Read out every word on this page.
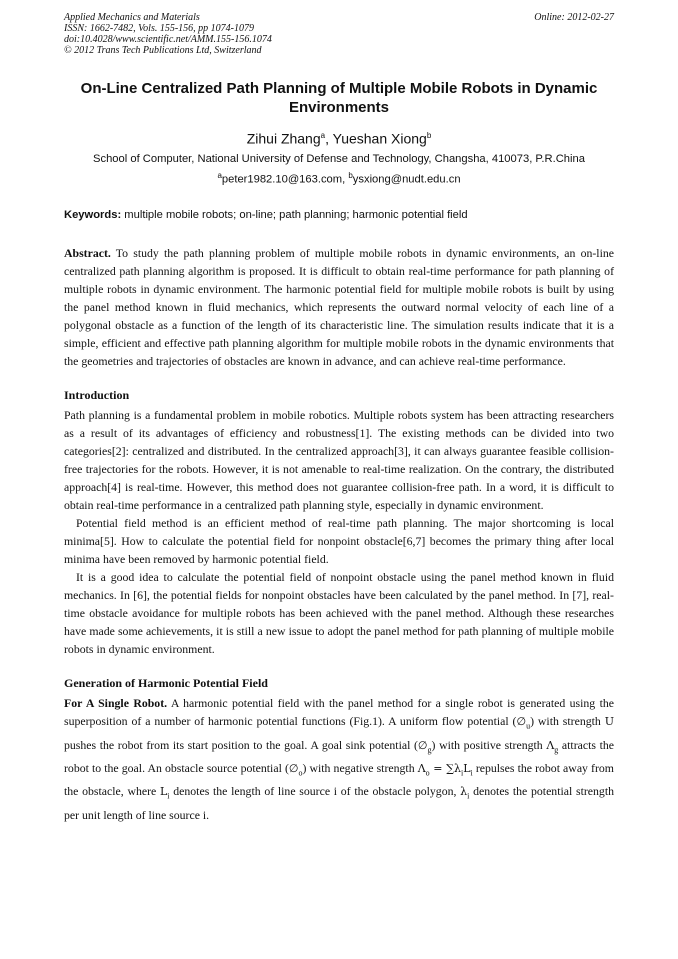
Applied Mechanics and Materials
ISSN: 1662-7482, Vols. 155-156, pp 1074-1079
doi:10.4028/www.scientific.net/AMM.155-156.1074
© 2012 Trans Tech Publications Ltd, Switzerland
Online: 2012-02-27
On-Line Centralized Path Planning of Multiple Mobile Robots in Dynamic Environments
Zihui Zhang$^a$, Yueshan Xiong$^b$
School of Computer, National University of Defense and Technology, Changsha, 410073, P.R.China
$^a$peter1982.10@163.com, $^b$ysxiong@nudt.edu.cn
Keywords: multiple mobile robots; on-line; path planning; harmonic potential field

Abstract. To study the path planning problem of multiple mobile robots in dynamic environments, an on-line centralized path planning algorithm is proposed. It is difficult to obtain real-time performance for path planning of multiple robots in dynamic environment. The harmonic potential field for multiple mobile robots is built by using the panel method known in fluid mechanics, which represents the outward normal velocity of each line of a polygonal obstacle as a function of the length of its characteristic line. The simulation results indicate that it is a simple, efficient and effective path planning algorithm for multiple mobile robots in the dynamic environments that the geometries and trajectories of obstacles are known in advance, and can achieve real-time performance.

Introduction

Path planning is a fundamental problem in mobile robotics. Multiple robots system has been attracting researchers as a result of its advantages of efficiency and robustness[1]. The existing methods can be divided into two categories[2]: centralized and distributed. In the centralized approach[3], it can always guarantee feasible collision-free trajectories for the robots. However, it is not amenable to real-time realization. On the contrary, the distributed approach[4] is real-time. However, this method does not guarantee collision-free path. In a word, it is difficult to obtain real-time performance in a centralized path planning style, especially in dynamic environment.

Potential field method is an efficient method of real-time path planning. The major shortcoming is local minima[5]. How to calculate the potential field for nonpoint obstacle[6,7] becomes the primary thing after local minima have been removed by harmonic potential field.

It is a good idea to calculate the potential field of nonpoint obstacle using the panel method known in fluid mechanics. In [6], the potential fields for nonpoint obstacles have been calculated by the panel method. In [7], real-time obstacle avoidance for multiple robots has been achieved with the panel method. Although these researches have made some achievements, it is still a new issue to adopt the panel method for path planning of multiple mobile robots in dynamic environment.

Generation of Harmonic Potential Field

For A Single Robot. A harmonic potential field with the panel method for a single robot is generated using the superposition of a number of harmonic potential functions (Fig.1). A uniform flow potential $(\emptyset_u)$ with strength U pushes the robot from its start position to the goal. A goal sink potential $(\emptyset_g)$ with positive strength $\Lambda_g$ attracts the robot to the goal. An obstacle source potential $(\emptyset_o)$ with negative strength $\Lambda_o = \sum\lambda_iL_i$ repulses the robot away from the obstacle, where $L_i$ denotes the length of line source i of the obstacle polygon, $\lambda_i$ denotes the potential strength per unit length of line source i.
